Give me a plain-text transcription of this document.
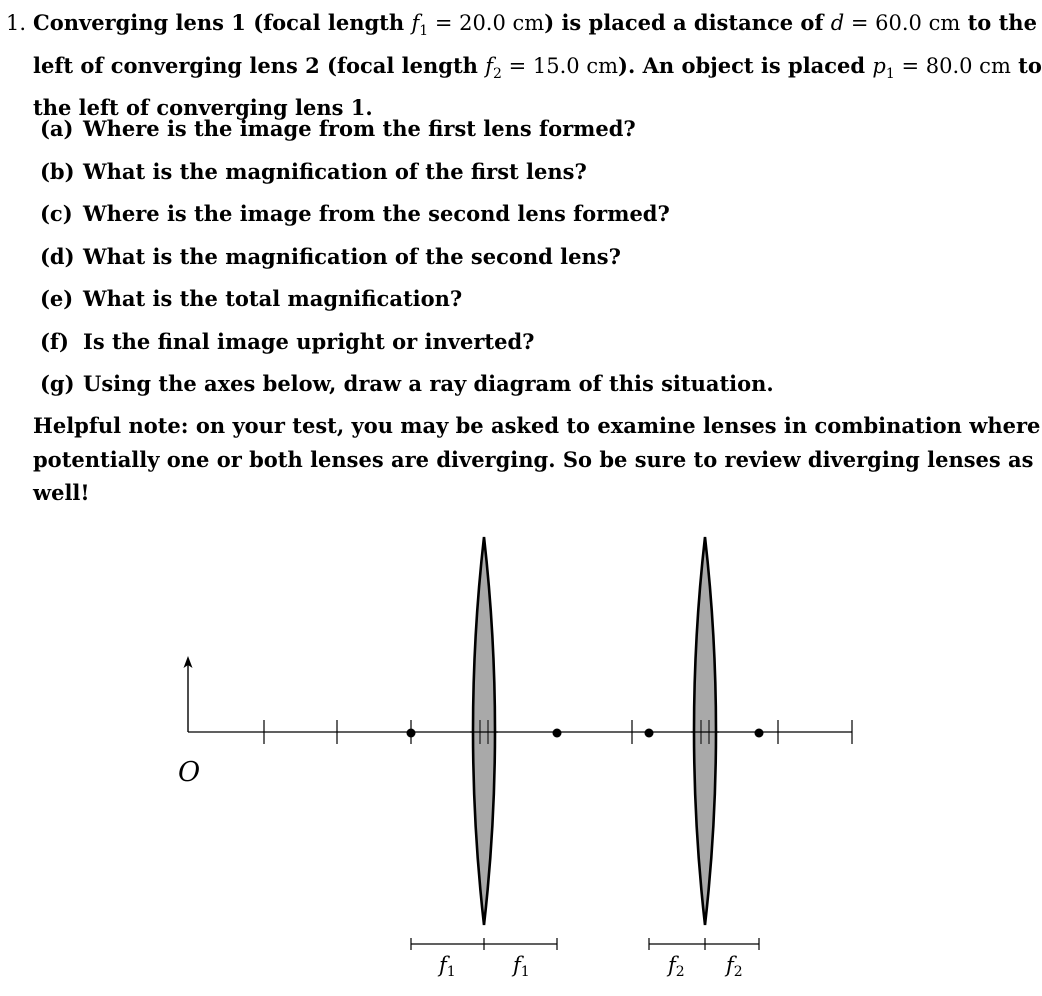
1. Converging lens 1 (focal length $f_1 = 20.0$ cm) is placed a distance of d = 60.0 cm to the
left of converging lens 2 (focal length $f_2 = 15.0$ cm). An object is placed $p_1 = 80.0$ cm to
the left of converging lens 1.
(a) Where is the image from the first lens formed?
(b) What is the magnification of the first lens?
(c) Where is the image from the second lens formed?
(d) What is the magnification of the second lens?
(e) What is the total magnification?
(f) Is the final image upright or inverted?
(g) Using the axes below, draw a ray diagram of this situation.
Helpful note: on your test, you may be asked to examine lenses in combination where
potentially one or both lenses are diverging. So be sure to review diverging lenses as
well!
O
f1	f1	f2 f2
